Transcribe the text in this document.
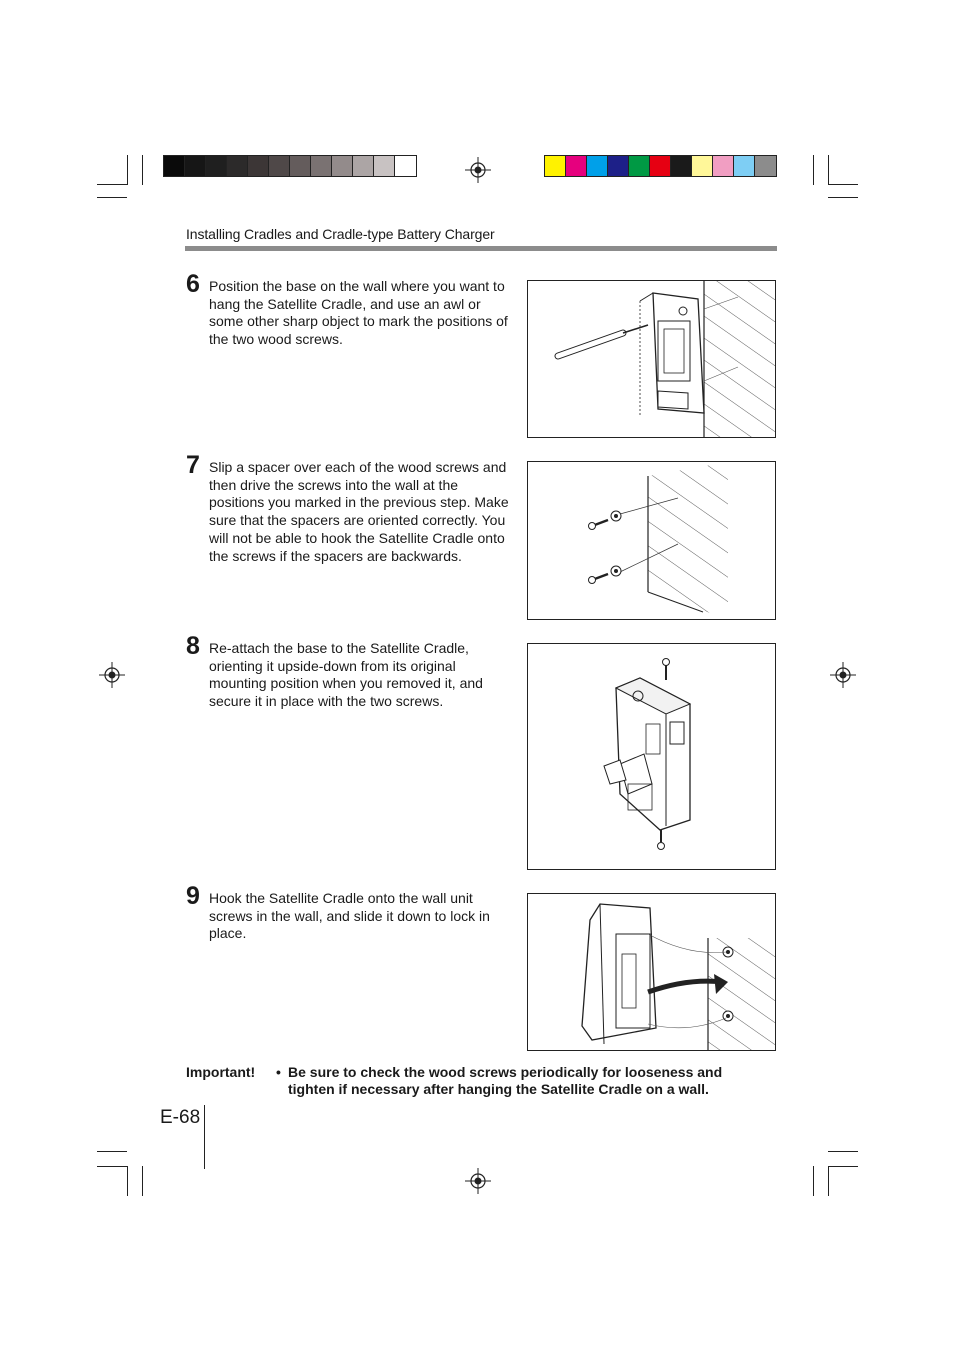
Installing Cradles and Cradle-type Battery Charger
6 Position the base on the wall where you want to hang the Satellite Cradle, and use an awl or some other sharp object to mark the positions of the two wood screws.
7 Slip a spacer over each of the wood screws and then drive the screws into the wall at the positions you marked in the previous step. Make sure that the spacers are oriented correctly. You will not be able to hook the Satellite Cradle onto the screws if the spacers are backwards.
8 Re-attach the base to the Satellite Cradle, orienting it upside-down from its original mounting position when you removed it, and secure it in place with the two screws.
9 Hook the Satellite Cradle onto the wall unit screws in the wall, and slide it down to lock in place.
Important! • Be sure to check the wood screws periodically for looseness and tighten if necessary after hanging the Satellite Cradle on a wall.
E-68
